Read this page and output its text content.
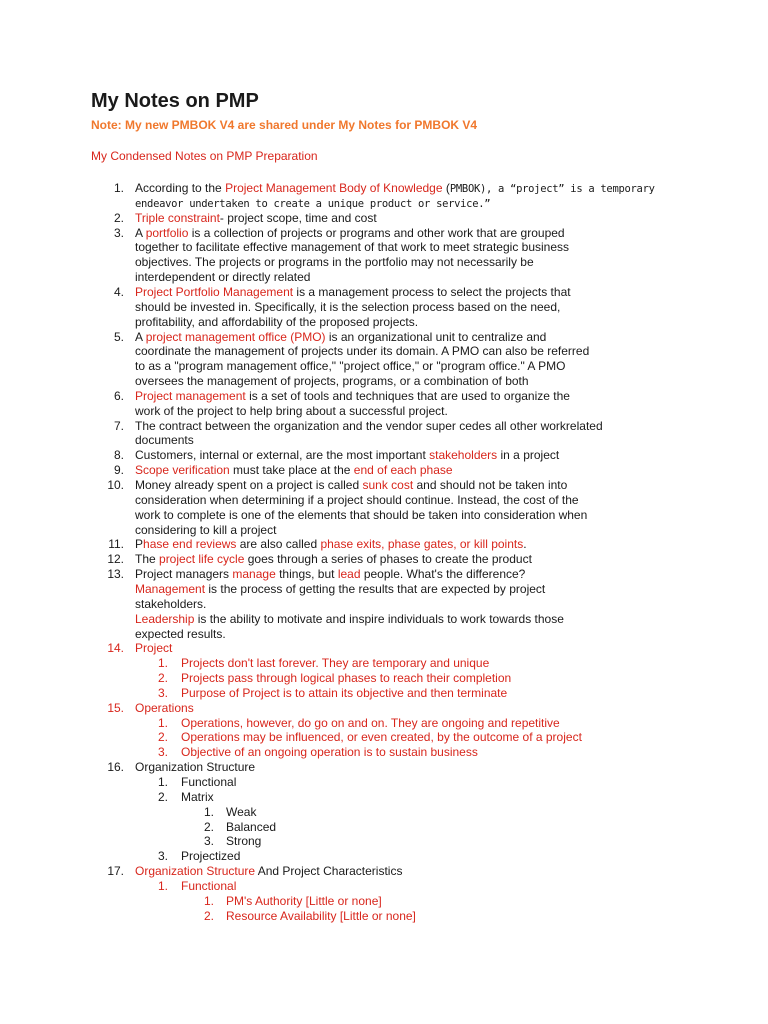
My Notes on PMP
Note: My new PMBOK V4 are shared under My Notes for PMBOK V4
My Condensed Notes on PMP Preparation
1. According to the Project Management Body of Knowledge (PMBOK), a “project” is a temporary
endeavor undertaken to create a unique product or service.”
2. Triple constraint- project scope, time and cost
3. A portfolio is a collection of projects or programs and other work that are grouped
together to facilitate effective management of that work to meet strategic business
objectives. The projects or programs in the portfolio may not necessarily be
interdependent or directly related
4. Project Portfolio Management is a management process to select the projects that
should be invested in. Specifically, it is the selection process based on the need,
profitability, and affordability of the proposed projects.
5. A project management office (PMO) is an organizational unit to centralize and
coordinate the management of projects under its domain. A PMO can also be referred
to as a "program management office," "project office," or "program office." A PMO
oversees the management of projects, programs, or a combination of both
6. Project management is a set of tools and techniques that are used to organize the
work of the project to help bring about a successful project.
7. The contract between the organization and the vendor super cedes all other workrelated
documents
8. Customers, internal or external, are the most important stakeholders in a project
9. Scope verification must take place at the end of each phase
10. Money already spent on a project is called sunk cost and should not be taken into
consideration when determining if a project should continue. Instead, the cost of the
work to complete is one of the elements that should be taken into consideration when
considering to kill a project
11. Phase end reviews are also called phase exits, phase gates, or kill points.
12. The project life cycle goes through a series of phases to create the product
13. Project managers manage things, but lead people. What's the difference?
Management is the process of getting the results that are expected by project
stakeholders.
Leadership is the ability to motivate and inspire individuals to work towards those
expected results.
14. Project
1. Projects don't last forever. They are temporary and unique
2. Projects pass through logical phases to reach their completion
3. Purpose of Project is to attain its objective and then terminate
15. Operations
1. Operations, however, do go on and on. They are ongoing and repetitive
2. Operations may be influenced, or even created, by the outcome of a project
3. Objective of an ongoing operation is to sustain business
16. Organization Structure
1. Functional
2. Matrix
1. Weak
2. Balanced
3. Strong
3. Projectized
17. Organization Structure And Project Characteristics
1. Functional
1. PM's Authority [Little or none]
2. Resource Availability [Little or none]
